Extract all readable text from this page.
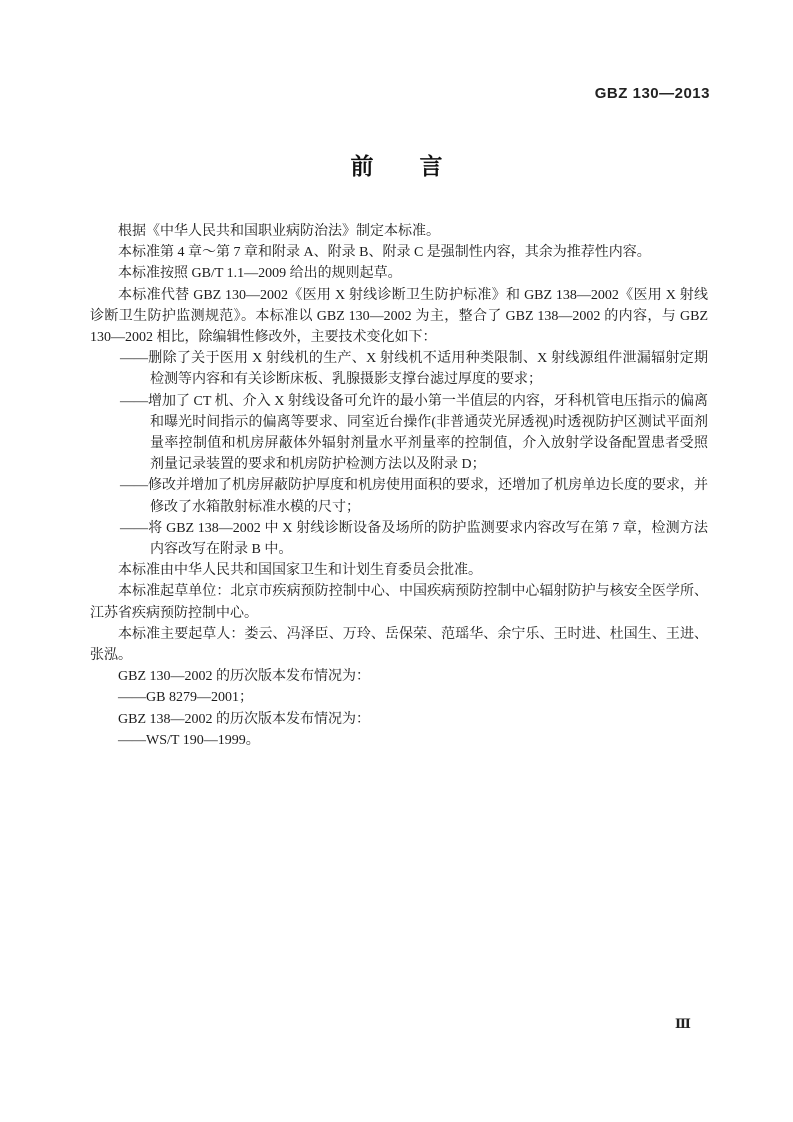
GBZ 130—2013
前　　言

根据《中华人民共和国职业病防治法》制定本标准。

本标准第 4 章～第 7 章和附录 A、附录 B、附录 C 是强制性内容，其余为推荐性内容。

本标准按照 GB/T 1.1—2009 给出的规则起草。

本标准代替 GBZ 130—2002《医用 X 射线诊断卫生防护标准》和 GBZ 138—2002《医用 X 射线诊断卫生防护监测规范》。本标准以 GBZ 130—2002 为主，整合了 GBZ 138—2002 的内容，与 GBZ 130—2002 相比，除编辑性修改外，主要技术变化如下：

——删除了关于医用 X 射线机的生产、X 射线机不适用种类限制、X 射线源组件泄漏辐射定期检测等内容和有关诊断床板、乳腺摄影支撑台滤过厚度的要求；

——增加了 CT 机、介入 X 射线设备可允许的最小第一半值层的内容，牙科机管电压指示的偏离和曝光时间指示的偏离等要求、同室近台操作(非普通荧光屏透视)时透视防护区测试平面剂量率控制值和机房屏蔽体外辐射剂量水平剂量率的控制值，介入放射学设备配置患者受照剂量记录装置的要求和机房防护检测方法以及附录 D；

——修改并增加了机房屏蔽防护厚度和机房使用面积的要求，还增加了机房单边长度的要求，并修改了水箱散射标准水模的尺寸；

——将 GBZ 138—2002 中 X 射线诊断设备及场所的防护监测要求内容改写在第 7 章，检测方法内容改写在附录 B 中。

本标准由中华人民共和国国家卫生和计划生育委员会批准。

本标准起草单位：北京市疾病预防控制中心、中国疾病预防控制中心辐射防护与核安全医学所、江苏省疾病预防控制中心。

本标准主要起草人：娄云、冯泽臣、万玲、岳保荣、范瑶华、余宁乐、王时进、杜国生、王进、张泓。

GBZ 130—2002 的历次版本发布情况为：

——GB 8279—2001；

GBZ 138—2002 的历次版本发布情况为：

——WS/T 190—1999。

Ⅲ
